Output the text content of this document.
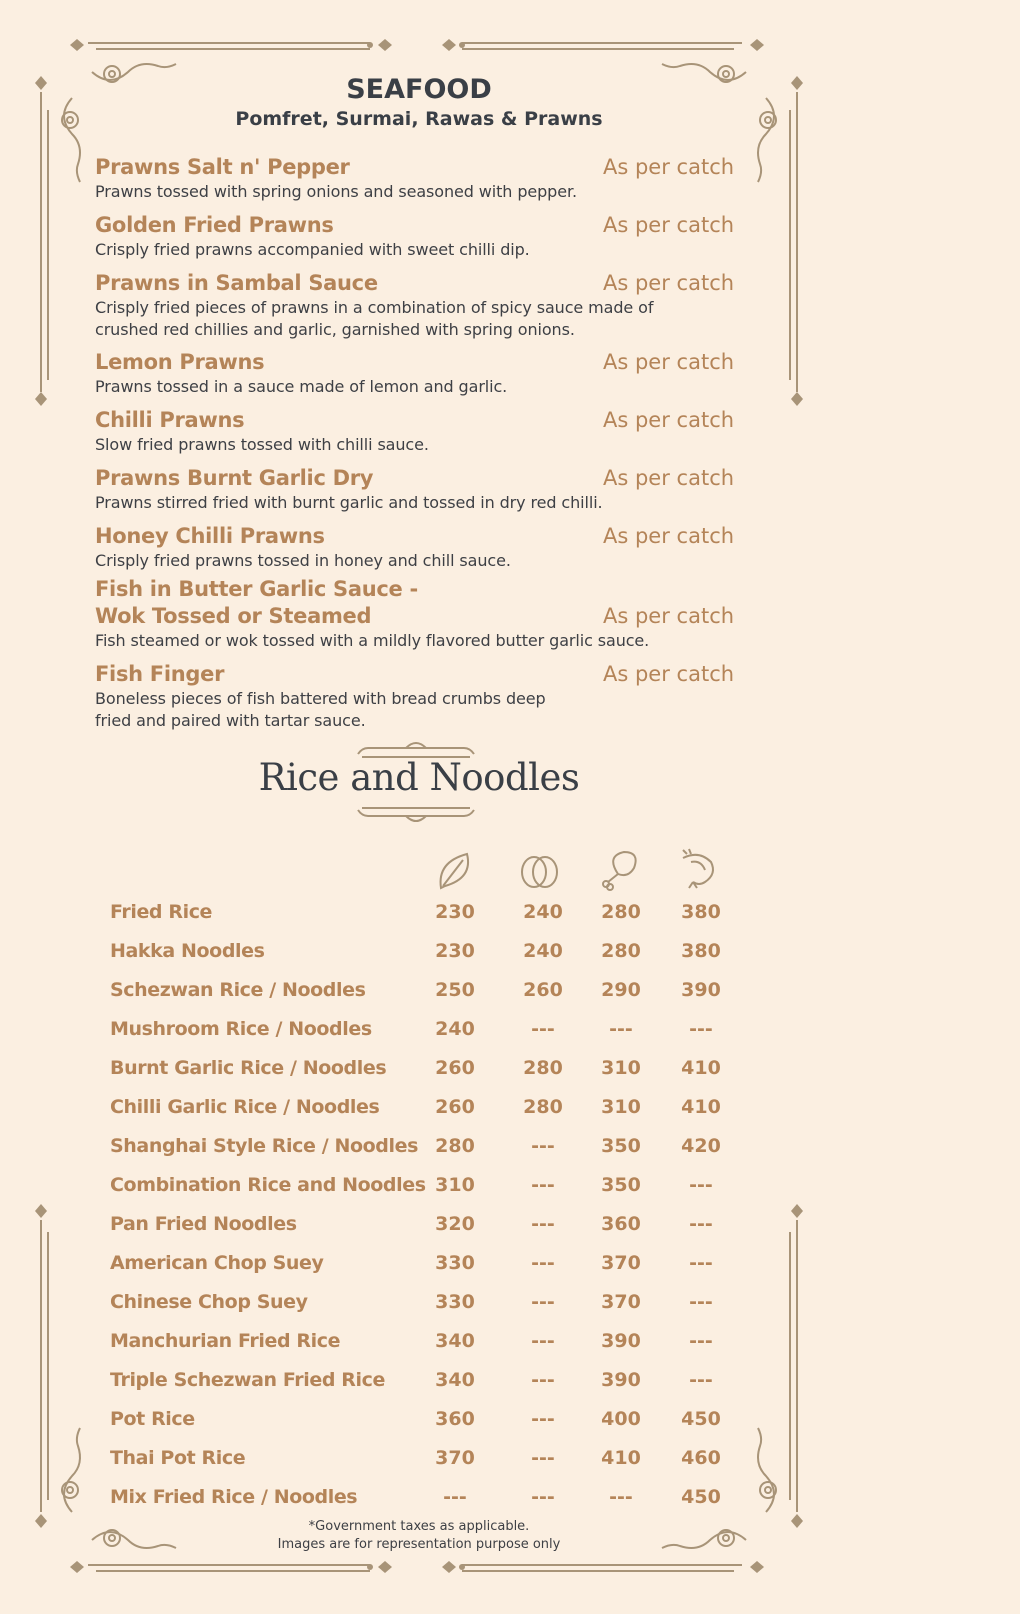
SEAFOOD
Pomfret, Surmai, Rawas & Prawns
Prawns Salt n' Pepper	As per catch
Prawns tossed with spring onions and seasoned with pepper.
Golden Fried Prawns	As per catch
Crisply fried prawns accompanied with sweet chilli dip.
Prawns in Sambal Sauce	As per catch
Crisply fried pieces of prawns in a combination of spicy sauce made of crushed red chillies and garlic, garnished with spring onions.
Lemon Prawns	As per catch
Prawns tossed in a sauce made of lemon and garlic.
Chilli Prawns	As per catch
Slow fried prawns tossed with chilli sauce.
Prawns Burnt Garlic Dry	As per catch
Prawns stirred fried with burnt garlic and tossed in dry red chilli.
Honey Chilli Prawns	As per catch
Crisply fried prawns tossed in honey and chill sauce.
Fish in Butter Garlic Sauce -
Wok Tossed or Steamed	As per catch
Fish steamed or wok tossed with a mildly flavored butter garlic sauce.
Fish Finger	As per catch
Boneless pieces of fish battered with bread crumbs deep fried and paired with tartar sauce.
Rice and Noodles
Fried Rice	230	240	280	380
Hakka Noodles	230	240	280	380
Schezwan Rice / Noodles	250	260	290	390
Mushroom Rice / Noodles	240	---	---	---
Burnt Garlic Rice / Noodles	260	280	310	410
Chilli Garlic Rice / Noodles	260	280	310	410
Shanghai Style Rice / Noodles 280	---	350	420
Combination Rice and Noodles 310	---	350	---
Pan Fried Noodles	320	---	360	---
American Chop Suey	330	---	370	---
Chinese Chop Suey	330	---	370	---
Manchurian Fried Rice	340	---	390	---
Triple Schezwan Fried Rice	340	---	390	---
Pot Rice	360	---	400	450
Thai Pot Rice	370	---	410	460
Mix Fried Rice / Noodles	---	---	---	450
*Government taxes as applicable.
Images are for representation purpose only
